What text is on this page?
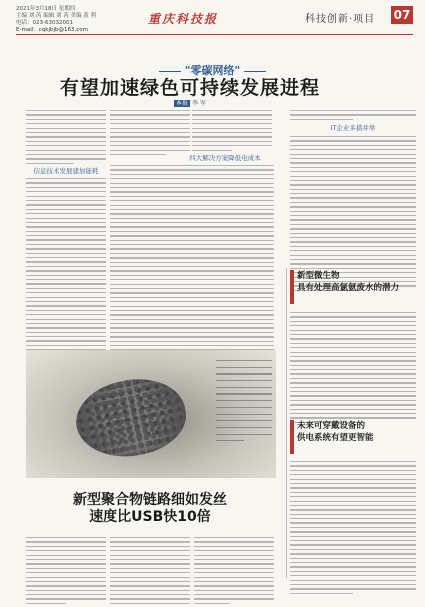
2021年3月18日 星期四
主编 刘 芮 编辑 刘 芮 美编 黄 利
电话：023-63032001
E-mail：cqkjbjb@163.com
重庆科技报	科技创新·项目 07
"零碳网络"
有望加速绿色可持续发展进程
本报 李 军
信息技术发展建加能耗
四大解决方案降低电成本
IT企业多措并举
新型聚合物链路细如发丝
速度比USB快10倍
新型微生物
具有处理高氯氨废水的潜力
未来可穿戴设备的
供电系统有望更智能
